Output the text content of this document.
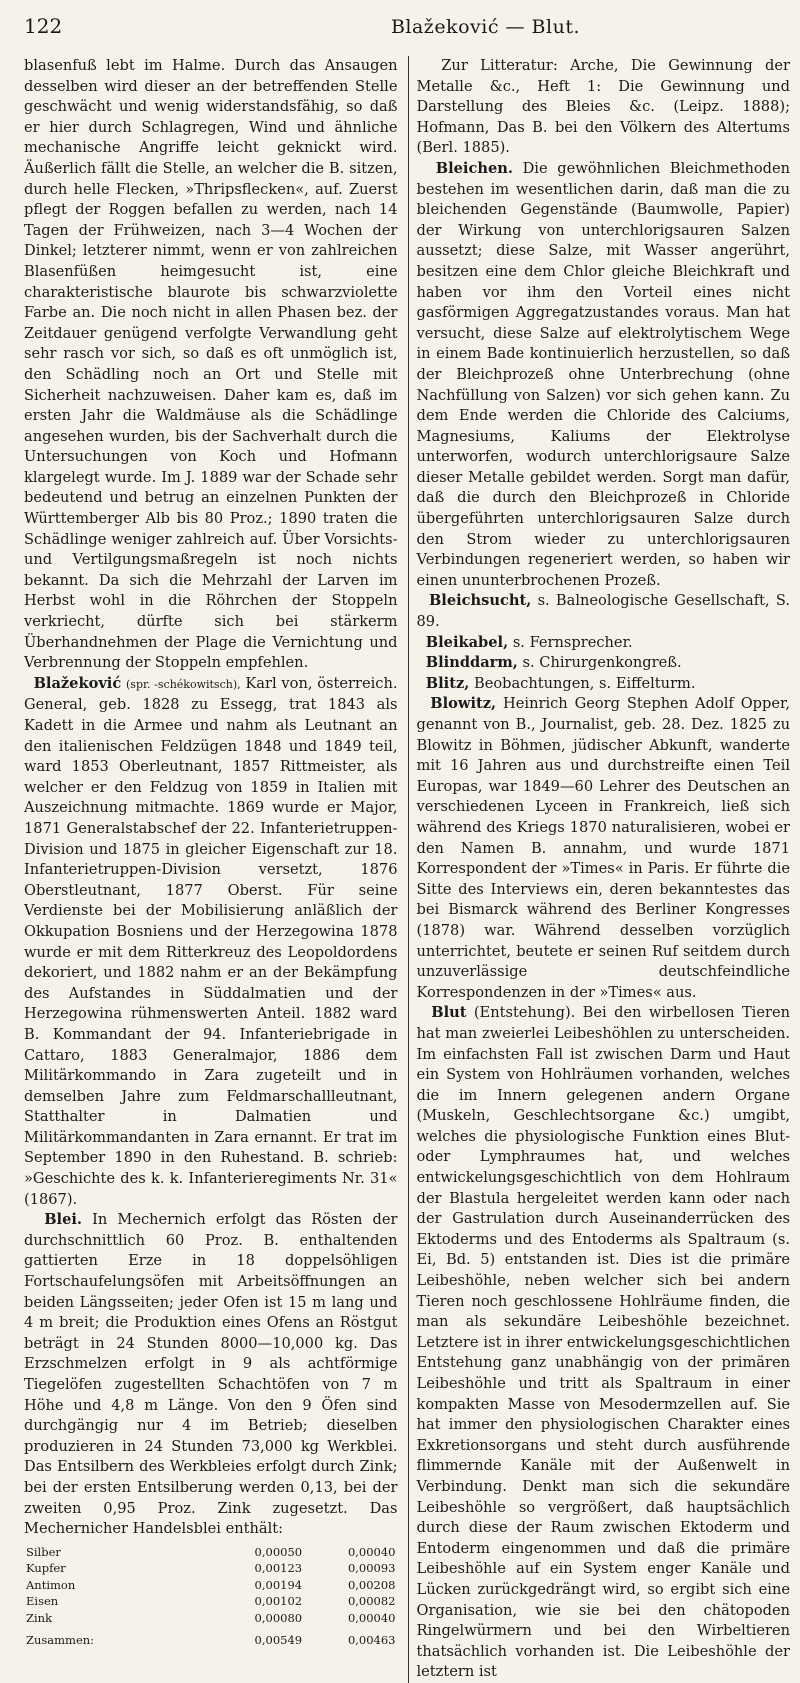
122	Blažeković — Blut.

blasenfuß lebt im Halme. Durch das Ansaugen desselben wird dieser an der betreffenden Stelle geschwächt und wenig widerstandsfähig, so daß er hier durch Schlagregen, Wind und ähnliche mechanische Angriffe leicht geknickt wird. Äußerlich fällt die Stelle, an welcher die B. sitzen, durch helle Flecken, »Thripsflecken«, auf. Zuerst pflegt der Roggen befallen zu werden, nach 14 Tagen der Frühweizen, nach 3—4 Wochen der Dinkel; letzterer nimmt, wenn er von zahlreichen Blasenfüßen heimgesucht ist, eine charakteristische blaurote bis schwarzviolette Farbe an. Die noch nicht in allen Phasen bez. der Zeitdauer genügend verfolgte Verwandlung geht sehr rasch vor sich, so daß es oft unmöglich ist, den Schädling noch an Ort und Stelle mit Sicherheit nachzuweisen. Daher kam es, daß im ersten Jahr die Waldmäuse als die Schädlinge angesehen wurden, bis der Sachverhalt durch die Untersuchungen von Koch und Hofmann klargelegt wurde. Im J. 1889 war der Schade sehr bedeutend und betrug an einzelnen Punkten der Württemberger Alb bis 80 Proz.; 1890 traten die Schädlinge weniger zahlreich auf. Über Vorsichts- und Vertilgungsmaßregeln ist noch nichts bekannt. Da sich die Mehrzahl der Larven im Herbst wohl in die Röhrchen der Stoppeln verkriecht, dürfte sich bei stärkerm Überhandnehmen der Plage die Vernichtung und Verbrennung der Stoppeln empfehlen.

Blažeković (spr. -schékowitsch), Karl von, österreich. General, geb. 1828 zu Essegg, trat 1843 als Kadett in die Armee und nahm als Leutnant an den italienischen Feldzügen 1848 und 1849 teil, ward 1853 Oberleutnant, 1857 Rittmeister, als welcher er den Feldzug von 1859 in Italien mit Auszeichnung mitmachte. 1869 wurde er Major, 1871 Generalstabschef der 22. Infanterietruppen-Division und 1875 in gleicher Eigenschaft zur 18. Infanterietruppen-Division versetzt, 1876 Oberstleutnant, 1877 Oberst. Für seine Verdienste bei der Mobilisierung anläßlich der Okkupation Bosniens und der Herzegowina 1878 wurde er mit dem Ritterkreuz des Leopoldordens dekoriert, und 1882 nahm er an der Bekämpfung des Aufstandes in Süddalmatien und der Herzegowina rühmenswerten Anteil. 1882 ward B. Kommandant der 94. Infanteriebrigade in Cattaro, 1883 Generalmajor, 1886 dem Militärkommando in Zara zugeteilt und in demselben Jahre zum Feldmarschallleutnant, Statthalter in Dalmatien und Militärkommandanten in Zara ernannt. Er trat im September 1890 in den Ruhestand. B. schrieb: »Geschichte des k. k. Infanterieregiments Nr. 31« (1867).

Blei. In Mechernich erfolgt das Rösten der durchschnittlich 60 Proz. B. enthaltenden gattierten Erze in 18 doppelsöhligen Fortschaufelungsöfen mit Arbeitsöffnungen an beiden Längsseiten; jeder Ofen ist 15 m lang und 4 m breit; die Produktion eines Ofens an Röstgut beträgt in 24 Stunden 8000—10,000 kg. Das Erzschmelzen erfolgt in 9 als achtförmige Tiegelöfen zugestellten Schachtöfen von 7 m Höhe und 4,8 m Länge. Von den 9 Öfen sind durchgängig nur 4 im Betrieb; dieselben produzieren in 24 Stunden 73,000 kg Werkblei. Das Entsilbern des Werkbleies erfolgt durch Zink; bei der ersten Entsilberung werden 0,13, bei der zweiten 0,95 Proz. Zink zugesetzt. Das Mechernicher Handelsblei enthält:

Silber	0,00050	0,00040
Kupfer	0,00123	0,00093
Antimon	0,00194	0,00208
Eisen	0,00102	0,00082
Zink	0,00080	0,00040
Zusammen:	0,00549	0,00463

Zur Litteratur: Arche, Die Gewinnung der Metalle &c., Heft 1: Die Gewinnung und Darstellung des Bleies &c. (Leipz. 1888); Hofmann, Das B. bei den Völkern des Altertums (Berl. 1885).

Bleichen. Die gewöhnlichen Bleichmethoden bestehen im wesentlichen darin, daß man die zu bleichenden Gegenstände (Baumwolle, Papier) der Wirkung von unterchlorigsauren Salzen aussetzt; diese Salze, mit Wasser angerührt, besitzen eine dem Chlor gleiche Bleichkraft und haben vor ihm den Vorteil eines nicht gasförmigen Aggregatzustandes voraus. Man hat versucht, diese Salze auf elektrolytischem Wege in einem Bade kontinuierlich herzustellen, so daß der Bleichprozeß ohne Unterbrechung (ohne Nachfüllung von Salzen) vor sich gehen kann. Zu dem Ende werden die Chloride des Calciums, Magnesiums, Kaliums der Elektrolyse unterworfen, wodurch unterchlorigsaure Salze dieser Metalle gebildet werden. Sorgt man dafür, daß die durch den Bleichprozeß in Chloride übergeführten unterchlorigsauren Salze durch den Strom wieder zu unterchlorigsauren Verbindungen regeneriert werden, so haben wir einen ununterbrochenen Prozeß.

Bleichsucht, s. Balneologische Gesellschaft, S. 89.

Bleikabel, s. Fernsprecher.

Blinddarm, s. Chirurgenkongreß.

Blitz, Beobachtungen, s. Eiffelturm.

Blowitz, Heinrich Georg Stephen Adolf Opper, genannt von B., Journalist, geb. 28. Dez. 1825 zu Blowitz in Böhmen, jüdischer Abkunft, wanderte mit 16 Jahren aus und durchstreifte einen Teil Europas, war 1849—60 Lehrer des Deutschen an verschiedenen Lyceen in Frankreich, ließ sich während des Kriegs 1870 naturalisieren, wobei er den Namen B. annahm, und wurde 1871 Korrespondent der »Times« in Paris. Er führte die Sitte des Interviews ein, deren bekanntestes das bei Bismarck während des Berliner Kongresses (1878) war. Während desselben vorzüglich unterrichtet, beutete er seinen Ruf seitdem durch unzuverlässige deutschfeindliche Korrespondenzen in der »Times« aus.

Blut (Entstehung). Bei den wirbellosen Tieren hat man zweierlei Leibeshöhlen zu unterscheiden. Im einfachsten Fall ist zwischen Darm und Haut ein System von Hohlräumen vorhanden, welches die im Innern gelegenen andern Organe (Muskeln, Geschlechtsorgane &c.) umgibt, welches die physiologische Funktion eines Blut- oder Lymphraumes hat, und welches entwickelungsgeschichtlich von dem Hohlraum der Blastula hergeleitet werden kann oder nach der Gastrulation durch Auseinanderrücken des Ektoderms und des Entoderms als Spaltraum (s. Ei, Bd. 5) entstanden ist. Dies ist die primäre Leibeshöhle, neben welcher sich bei andern Tieren noch geschlossene Hohlräume finden, die man als sekundäre Leibeshöhle bezeichnet. Letztere ist in ihrer entwickelungsgeschichtlichen Entstehung ganz unabhängig von der primären Leibeshöhle und tritt als Spaltraum in einer kompakten Masse von Mesodermzellen auf. Sie hat immer den physiologischen Charakter eines Exkretionsorgans und steht durch ausführende flimmernde Kanäle mit der Außenwelt in Verbindung. Denkt man sich die sekundäre Leibeshöhle so vergrößert, daß hauptsächlich durch diese der Raum zwischen Ektoderm und Entoderm eingenommen und daß die primäre Leibeshöhle auf ein System enger Kanäle und Lücken zurückgedrängt wird, so ergibt sich eine Organisation, wie sie bei den chätopoden Ringelwürmern und bei den Wirbeltieren thatsächlich vorhanden ist. Die Leibeshöhle der letztern ist
